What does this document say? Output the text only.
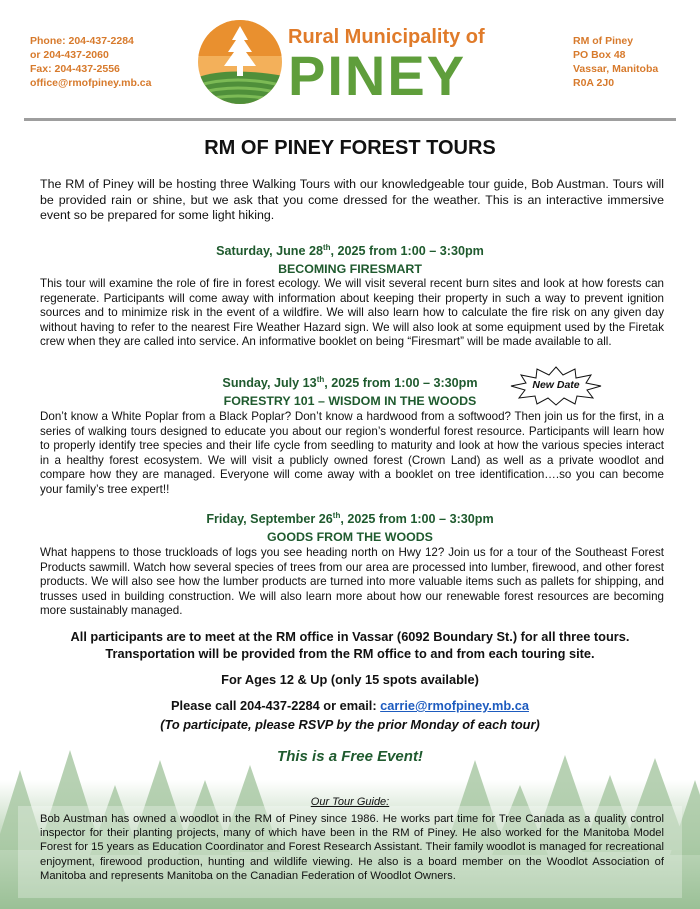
Phone: 204-437-2284
or 204-437-2060
Fax: 204-437-2556
office@rmofpiney.mb.ca
Rural Municipality of
PINEY
RM of Piney
PO Box 48
Vassar, Manitoba
R0A 2J0
RM OF PINEY FOREST TOURS
The RM of Piney will be hosting three Walking Tours with our knowledgeable tour guide, Bob Austman. Tours will be provided rain or shine, but we ask that you come dressed for the weather. This is an interactive immersive event so be prepared for some light hiking.
Saturday, June 28th, 2025 from 1:00 – 3:30pm
BECOMING FIRESMART
This tour will examine the role of fire in forest ecology. We will visit several recent burn sites and look at how forests can regenerate. Participants will come away with information about keeping their property in such a way to prevent ignition sources and to minimize risk in the event of a wildfire. We will also learn how to calculate the fire risk on any given day without having to refer to the nearest Fire Weather Hazard sign. We will also look at some equipment used by the Firetak crew when they are called into service. An informative booklet on being “Firesmart” will be made available to all.
Sunday, July 13th, 2025 from 1:00 – 3:30pm	New Date
FORESTRY 101 – WISDOM IN THE WOODS
Don’t know a White Poplar from a Black Poplar? Don’t know a hardwood from a softwood? Then join us for the first, in a series of walking tours designed to educate you about our region’s wonderful forest resource. Participants will learn how to properly identify tree species and their life cycle from seedling to maturity and look at how the various species interact in a healthy forest ecosystem. We will visit a publicly owned forest (Crown Land) as well as a private woodlot and compare how they are managed. Everyone will come away with a booklet on tree identification….so you can become your family’s tree expert!!
Friday, September 26th, 2025 from 1:00 – 3:30pm
GOODS FROM THE WOODS
What happens to those truckloads of logs you see heading north on Hwy 12? Join us for a tour of the Southeast Forest Products sawmill. Watch how several species of trees from our area are processed into lumber, firewood, and other forest products. We will also see how the lumber products are turned into more valuable items such as pallets for shipping, and trusses used in building construction. We will also learn more about how our renewable forest resources are becoming more sustainably managed.
All participants are to meet at the RM office in Vassar (6092 Boundary St.) for all three tours.
Transportation will be provided from the RM office to and from each touring site.
For Ages 12 & Up (only 15 spots available)
Please call 204-437-2284 or email: carrie@rmofpiney.mb.ca
(To participate, please RSVP by the prior Monday of each tour)
This is a Free Event!
Our Tour Guide:
Bob Austman has owned a woodlot in the RM of Piney since 1986. He works part time for Tree Canada as a quality control inspector for their planting projects, many of which have been in the RM of Piney. He also worked for the Manitoba Model Forest for 15 years as Education Coordinator and Forest Research Assistant. Their family woodlot is managed for recreational enjoyment, firewood production, hunting and wildlife viewing. He also is a board member on the Woodlot Association of Manitoba and represents Manitoba on the Canadian Federation of Woodlot Owners.
